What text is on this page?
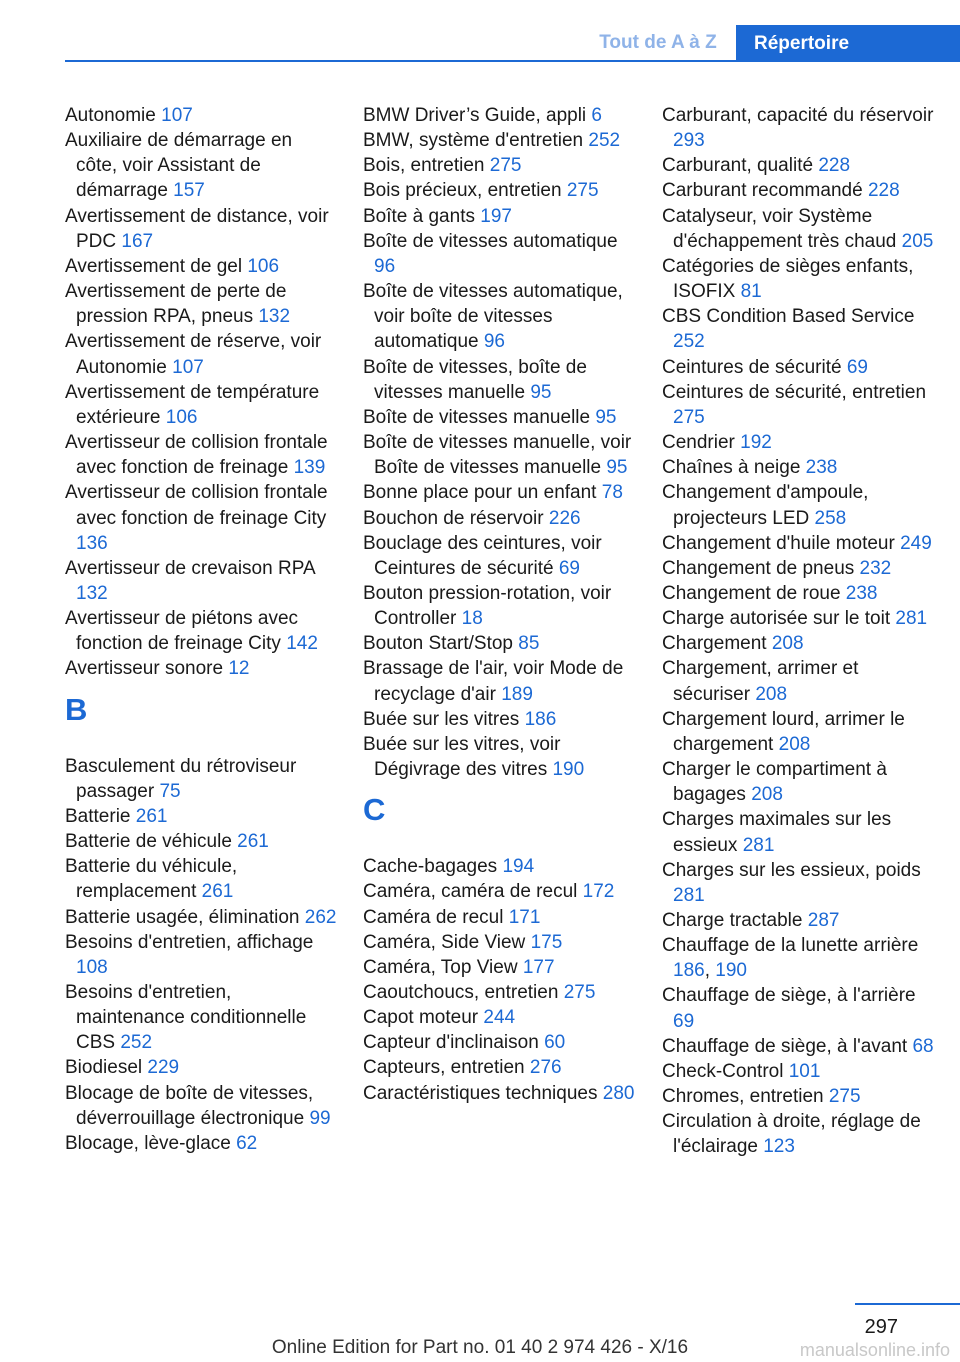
Tout de A à Z	Répertoire
Autonomie 107
Auxiliaire de démarrage en côte, voir Assistant de démarrage 157
Avertissement de distance, voir PDC 167
Avertissement de gel 106
Avertissement de perte de pression RPA, pneus 132
Avertissement de réserve, voir Autonomie 107
Avertissement de température extérieure 106
Avertisseur de collision frontale avec fonction de freinage 139
Avertisseur de collision frontale avec fonction de freinage City 136
Avertisseur de crevaison RPA 132
Avertisseur de piétons avec fonction de freinage City 142
Avertisseur sonore 12
B
Basculement du rétroviseur passager 75
Batterie 261
Batterie de véhicule 261
Batterie du véhicule, remplacement 261
Batterie usagée, élimination 262
Besoins d'entretien, affichage 108
Besoins d'entretien, maintenance conditionnelle CBS 252
Biodiesel 229
Blocage de boîte de vitesses, déverrouillage électronique 99
Blocage, lève-glace 62
BMW Driver’s Guide, appli 6
BMW, système d'entretien 252
Bois, entretien 275
Bois précieux, entretien 275
Boîte à gants 197
Boîte de vitesses automatique 96
Boîte de vitesses automatique, voir boîte de vitesses automatique 96
Boîte de vitesses, boîte de vitesses manuelle 95
Boîte de vitesses manuelle 95
Boîte de vitesses manuelle, voir Boîte de vitesses manuelle 95
Bonne place pour un enfant 78
Bouchon de réservoir 226
Bouclage des ceintures, voir Ceintures de sécurité 69
Bouton pression-rotation, voir Controller 18
Bouton Start/Stop 85
Brassage de l'air, voir Mode de recyclage d'air 189
Buée sur les vitres 186
Buée sur les vitres, voir Dégivrage des vitres 190
C
Cache-bagages 194
Caméra, caméra de recul 172
Caméra de recul 171
Caméra, Side View 175
Caméra, Top View 177
Caoutchoucs, entretien 275
Capot moteur 244
Capteur d'inclinaison 60
Capteurs, entretien 276
Caractéristiques techniques 280
Carburant, capacité du réservoir 293
Carburant, qualité 228
Carburant recommandé 228
Catalyseur, voir Système d'échappement très chaud 205
Catégories de sièges enfants, ISOFIX 81
CBS Condition Based Service 252
Ceintures de sécurité 69
Ceintures de sécurité, entretien 275
Cendrier 192
Chaînes à neige 238
Changement d'ampoule, projecteurs LED 258
Changement d'huile moteur 249
Changement de pneus 232
Changement de roue 238
Charge autorisée sur le toit 281
Chargement 208
Chargement, arrimer et sécuriser 208
Chargement lourd, arrimer le chargement 208
Charger le compartiment à bagages 208
Charges maximales sur les essieux 281
Charges sur les essieux, poids 281
Charge tractable 287
Chauffage de la lunette arrière 186, 190
Chauffage de siège, à l'arrière 69
Chauffage de siège, à l'avant 68
Check-Control 101
Chromes, entretien 275
Circulation à droite, réglage de l'éclairage 123
297
Online Edition for Part no. 01 40 2 974 426 - X/16	manualsonline.info
